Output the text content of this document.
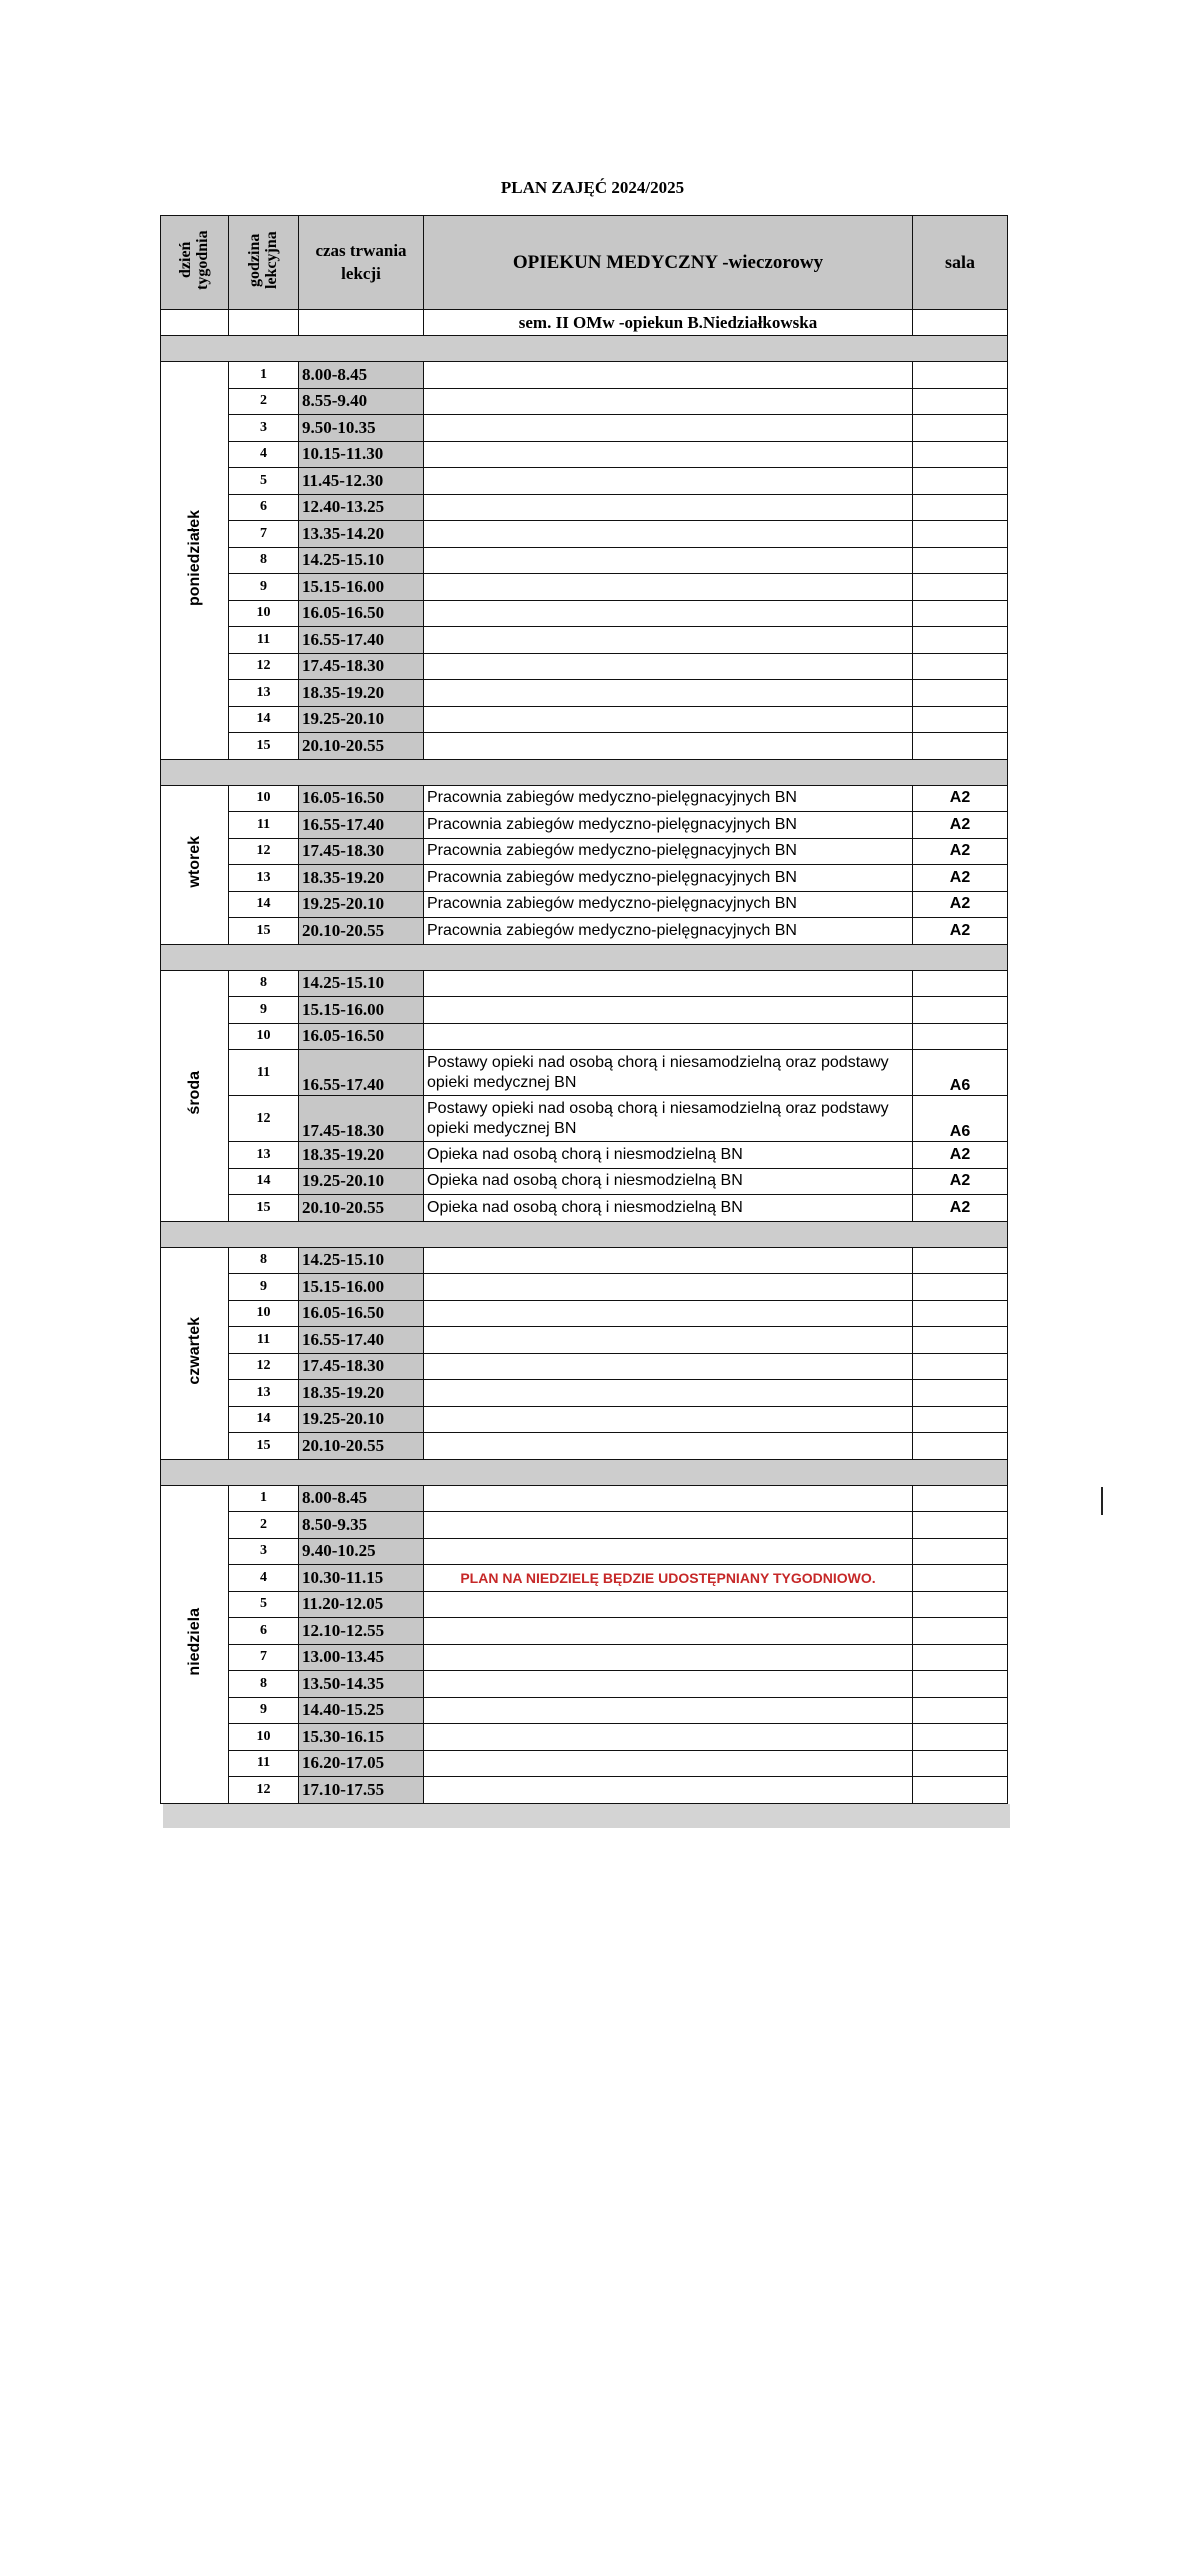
PLAN ZAJĘĆ 2024/2025
dzień tygodnia	godzina lekcyjna	czas trwania lekcji	OPIEKUN MEDYCZNY -wieczorowy	sala
			sem. II OMw -opiekun B.Niedziałkowska	

poniedziałek	1	8.00-8.45		
	2	8.55-9.40		
	3	9.50-10.35		
	4	10.15-11.30		
	5	11.45-12.30		
	6	12.40-13.25		
	7	13.35-14.20		
	8	14.25-15.10		
	9	15.15-16.00		
	10	16.05-16.50		
	11	16.55-17.40		
	12	17.45-18.30		
	13	18.35-19.20		
	14	19.25-20.10		
	15	20.10-20.55		

wtorek	10	16.05-16.50	Pracownia zabiegów medyczno-pielęgnacyjnych BN	A2
	11	16.55-17.40	Pracownia zabiegów medyczno-pielęgnacyjnych BN	A2
	12	17.45-18.30	Pracownia zabiegów medyczno-pielęgnacyjnych BN	A2
	13	18.35-19.20	Pracownia zabiegów medyczno-pielęgnacyjnych BN	A2
	14	19.25-20.10	Pracownia zabiegów medyczno-pielęgnacyjnych BN	A2
	15	20.10-20.55	Pracownia zabiegów medyczno-pielęgnacyjnych BN	A2

środa	8	14.25-15.10		
	9	15.15-16.00		
	10	16.05-16.50		
	11	16.55-17.40	Postawy opieki nad osobą chorą i niesamodzielną oraz podstawy opieki medycznej BN	A6
	12	17.45-18.30	Postawy opieki nad osobą chorą i niesamodzielną oraz podstawy opieki medycznej BN	A6
	13	18.35-19.20	Opieka nad osobą chorą i niesmodzielną BN	A2
	14	19.25-20.10	Opieka nad osobą chorą i niesmodzielną BN	A2
	15	20.10-20.55	Opieka nad osobą chorą i niesmodzielną BN	A2

czwartek	8	14.25-15.10		
	9	15.15-16.00		
	10	16.05-16.50		
	11	16.55-17.40		
	12	17.45-18.30		
	13	18.35-19.20		
	14	19.25-20.10		
	15	20.10-20.55		

niedziela	1	8.00-8.45		
	2	8.50-9.35		
	3	9.40-10.25		
	4	10.30-11.15	PLAN NA NIEDZIELĘ BĘDZIE UDOSTĘPNIANY TYGODNIOWO.	
	5	11.20-12.05		
	6	12.10-12.55		
	7	13.00-13.45		
	8	13.50-14.35		
	9	14.40-15.25		
	10	15.30-16.15		
	11	16.20-17.05		
	12	17.10-17.55		
